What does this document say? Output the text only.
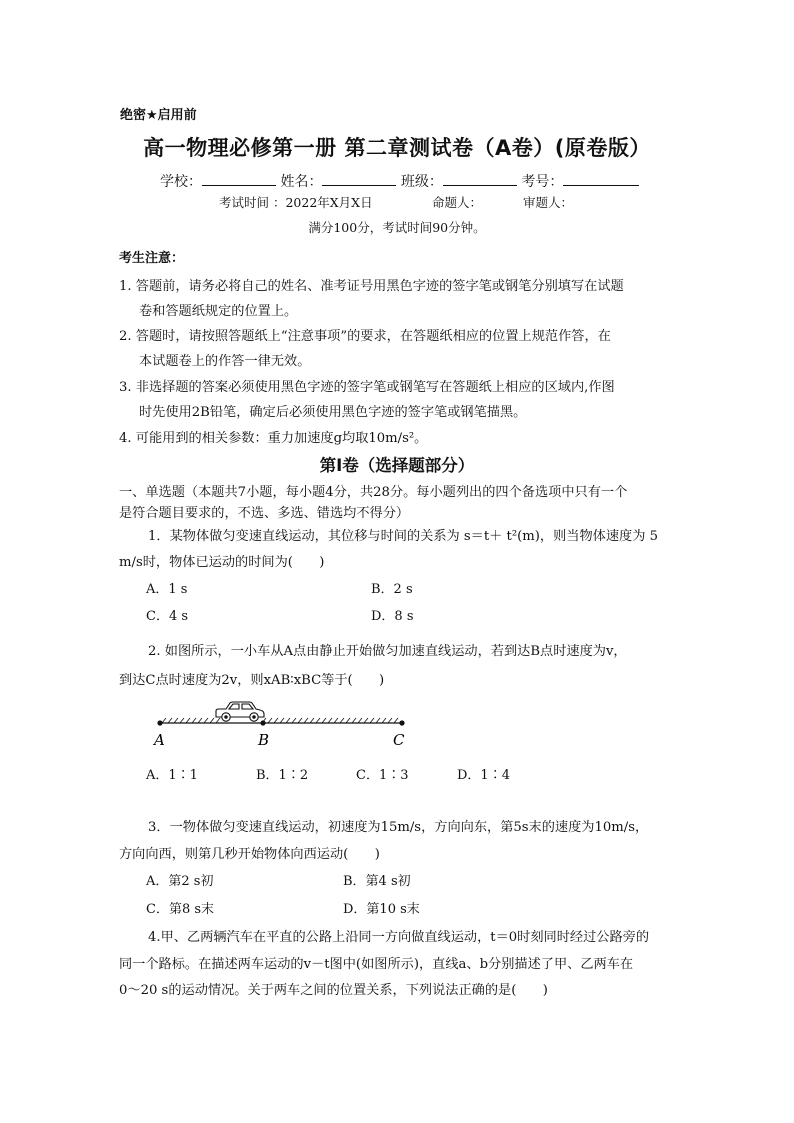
绝密★启用前
高一物理必修第一册 第二章测试卷（A卷）(原卷版）
学校：	姓名：	班级：	考号：
考试时间 ：2022年X月X日	命题人：	审题人：
满分100分，考试时间90分钟。
考生注意：
1. 答题前，请务必将自己的姓名、准考证号用黑色字迹的签字笔或钢笔分别填写在试题
卷和答题纸规定的位置上。
2. 答题时，请按照答题纸上“注意事项”的要求，在答题纸相应的位置上规范作答，在
本试题卷上的作答一律无效。
3. 非选择题的答案必须使用黑色字迹的签字笔或钢笔写在答题纸上相应的区域内,作图
时先使用2B铅笔，确定后必须使用黑色字迹的签字笔或钢笔描黑。
4. 可能用到的相关参数：重力加速度g均取10m/s²。
第Ⅰ卷（选择题部分）
一、单选题（本题共7小题，每小题4分，共28分。每小题列出的四个备选项中只有一个
是符合题目要求的，不选、多选、错选均不得分）
1．某物体做匀变速直线运动，其位移与时间的关系为 s＝t＋ t²(m)，则当物体速度为 5
m/s时，物体已运动的时间为(　　)
A．1 s	B．2 s
C．4 s	D．8 s
2. 如图所示，一小车从A点由静止开始做匀加速直线运动，若到达B点时速度为v，
到达C点时速度为2v，则xAB∶xBC等于(　　)
A	B	C
A．1∶1	B．1∶2	C．1∶3	D．1∶4
3．一物体做匀变速直线运动，初速度为15m/s，方向向东，第5s末的速度为10m/s，
方向向西，则第几秒开始物体向西运动(　　)
A．第2 s初	B．第4 s初
C．第8 s末	D．第10 s末
4.甲、乙两辆汽车在平直的公路上沿同一方向做直线运动，t＝0时刻同时经过公路旁的
同一个路标。在描述两车运动的v－t图中(如图所示)，直线a、b分别描述了甲、乙两车在
0～20 s的运动情况。关于两车之间的位置关系，下列说法正确的是(　　)
